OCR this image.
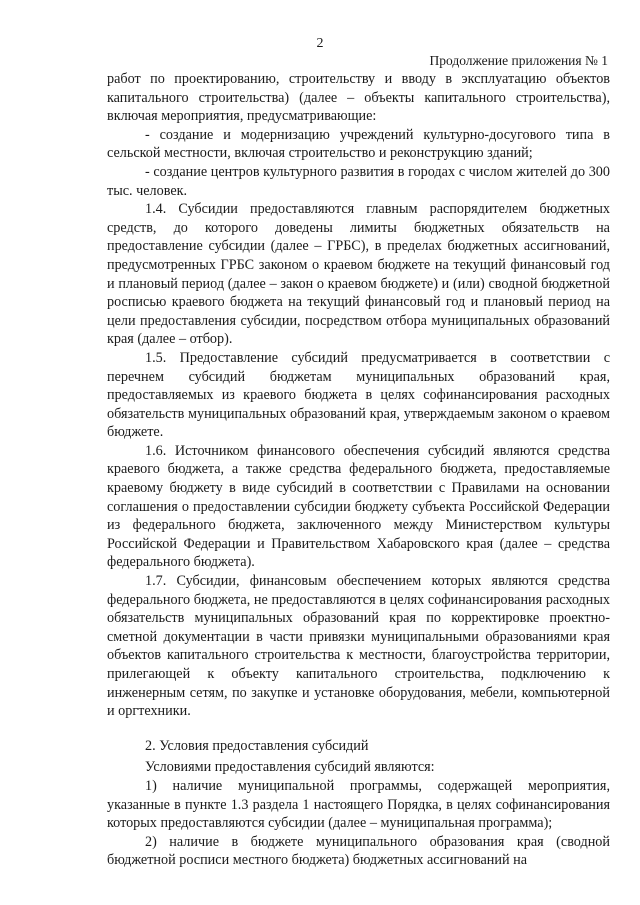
2
Продолжение приложения № 1

работ по проектированию, строительству и вводу в эксплуатацию объектов капитального строительства) (далее – объекты капитального строительства), включая мероприятия, предусматривающие:

- создание и модернизацию учреждений культурно-досугового типа в сельской местности, включая строительство и реконструкцию зданий;

- создание центров культурного развития в городах с числом жителей до 300 тыс. человек.

1.4. Субсидии предоставляются главным распорядителем бюджетных средств, до которого доведены лимиты бюджетных обязательств на предоставление субсидии (далее – ГРБС), в пределах бюджетных ассигнований, предусмотренных ГРБС законом о краевом бюджете на текущий финансовый год и плановый период (далее – закон о краевом бюджете) и (или) сводной бюджетной росписью краевого бюджета на текущий финансовый год и плановый период на цели предоставления субсидии, посредством отбора муниципальных образований края (далее – отбор).

1.5. Предоставление субсидий предусматривается в соответствии с перечнем субсидий бюджетам муниципальных образований края, предоставляемых из краевого бюджета в целях софинансирования расходных обязательств муниципальных образований края, утверждаемым законом о краевом бюджете.

1.6. Источником финансового обеспечения субсидий являются средства краевого бюджета, а также средства федерального бюджета, предоставляемые краевому бюджету в виде субсидий в соответствии с Правилами на основании соглашения о предоставлении субсидии бюджету субъекта Российской Федерации из федерального бюджета, заключенного между Министерством культуры Российской Федерации и Правительством Хабаровского края (далее – средства федерального бюджета).

1.7. Субсидии, финансовым обеспечением которых являются средства федерального бюджета, не предоставляются в целях софинансирования расходных обязательств муниципальных образований края по корректировке проектно-сметной документации в части привязки муниципальными образованиями края объектов капитального строительства к местности, благоустройства территории, прилегающей к объекту капитального строительства, подключению к инженерным сетям, по закупке и установке оборудования, мебели, компьютерной и оргтехники.

2. Условия предоставления субсидий

Условиями предоставления субсидий являются:

1) наличие муниципальной программы, содержащей мероприятия, указанные в пункте 1.3 раздела 1 настоящего Порядка, в целях софинансирования которых предоставляются субсидии (далее – муниципальная программа);

2) наличие в бюджете муниципального образования края (сводной бюджетной росписи местного бюджета) бюджетных ассигнований на
